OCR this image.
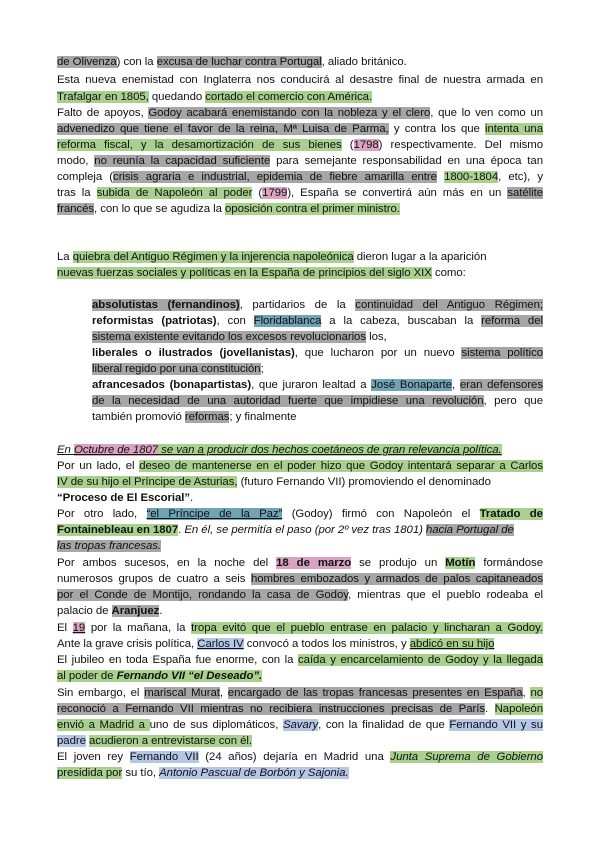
de Olivenza) con la excusa de luchar contra Portugal, aliado británico.
Esta nueva enemistad con Inglaterra nos conducirá al desastre final de nuestra armada en
Trafalgar en 1805, quedando cortado el comercio con América.
Falto de apoyos, Godoy acabará enemistando con la nobleza y el clero, que lo ven como un
advenedizo que tiene el favor de la reina, Mª Luisa de Parma, y contra los que intenta una
reforma fiscal, y la desamortización de sus bienes (1798) respectivamente. Del mismo
modo, no reunía la capacidad suficiente para semejante responsabilidad en una época tan
compleja (crisis agraria e industrial, epidemia de fiebre amarilla entre 1800-1804, etc), y
tras la subida de Napoleón al poder (1799), España se convertirá aún más en un satélite
francés, con lo que se agudiza la oposición contra el primer ministro.
La quiebra del Antiguo Régimen y la injerencia napoleónica dieron lugar a la aparición
nuevas fuerzas sociales y políticas en la España de principios del siglo XIX como:
absolutistas (fernandinos), partidarios de la continuidad del Antiguo Régimen;
reformistas (patriotas), con Floridablanca a la cabeza, buscaban la reforma del
sistema existente evitando los excesos revolucionarios los,
liberales o ilustrados (jovellanistas), que lucharon por un nuevo sistema político
liberal regido por una constitución;
afrancesados (bonapartistas), que juraron lealtad a José Bonaparte, eran defensores
de la necesidad de una autoridad fuerte que impidiese una revolución, pero que
también promovió reformas; y finalmente
En Octubre de 1807 se van a producir dos hechos coetáneos de gran relevancia política.
Por un lado, el deseo de mantenerse en el poder hizo que Godoy intentará separar a Carlos
IV de su hijo el Príncipe de Asturias, (futuro Fernando VII) promoviendo el denominado
“Proceso de El Escorial”.
Por otro lado, “el Príncipe de la Paz” (Godoy) firmó con Napoleón el Tratado de
Fontainebleau en 1807. En él, se permitía el paso (por 2º vez tras 1801) hacia Portugal de
las tropas francesas.
Por ambos sucesos, en la noche del 18 de marzo se produjo un Motín formándose
numerosos grupos de cuatro a seis hombres embozados y armados de palos capitaneados
por el Conde de Montijo, rondando la casa de Godoy, mientras que el pueblo rodeaba el
palacio de Aranjuez.
El 19 por la mañana, la tropa evitó que el pueblo entrase en palacio y lincharan a Godoy.
Ante la grave crisis política, Carlos IV convocó a todos los ministros, y abdicó en su hijo
El jubileo en toda España fue enorme, con la caída y encarcelamiento de Godoy y la llegada
al poder de Fernando VII “el Deseado”.
Sin embargo, el mariscal Murat, encargado de las tropas francesas presentes en España, no
reconoció a Fernando VII mientras no recibiera instrucciones precisas de París. Napoleón
envió a Madrid a uno de sus diplomáticos, Savary, con la finalidad de que Fernando VII y su
padre acudieron a entrevistarse con él.
El joven rey Fernando VII (24 años) dejaría en Madrid una Junta Suprema de Gobierno
presidida por su tío, Antonio Pascual de Borbón y Sajonia.
